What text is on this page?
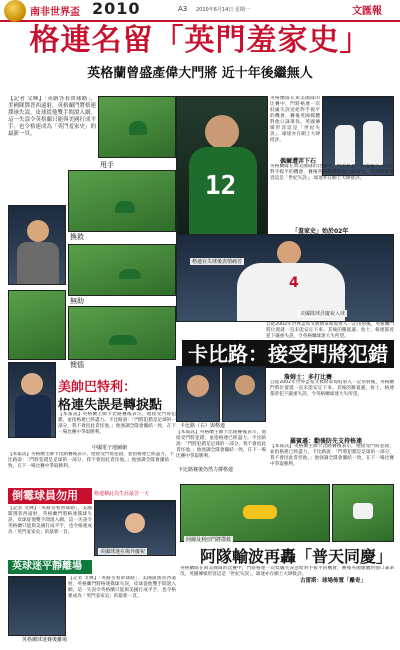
南非世界盃 2010	A3 2010年6月14日 星期一	文匯報
格連名留「英門羞家史」
英格蘭曾盛產偉大門將 近十年後繼無人
【記者 文輝】「英路答看帶球路」，美國隊鄧普西遠射，英格蘭門將格連撲球失誤，皮球從他雙手間滾入網。這一失誤令英格蘭只能與美國打成平手，也令格連成為「英門羞家史」的最新一頁。
甩手
換救
無助
懊惱
12
英格蘭隊在與美國隊的比賽中，門將格連一次低級失誤送給對手扳平的機會，賽後英國媒體對他口誅筆伐。英國傳媒形容這是「世紀失誤」，球迷亦在網上大肆批評。
偶爾遭弄下石
英格蘭隊在與美國隊的比賽中，門將格連一次低級失誤送給對手扳平的機會，賽後英國媒體對他口誅筆伐。英國傳媒形容這是「世紀失誤」，球迷亦在網上大肆批評。
4
美國隊球員慶祝入球
「羞家史」始於02年
格連在失球後表情痛苦
自從2002年世界盃希文被朗拿甸奴射入一記吊射後，英格蘭門將位置就一直未能安定下來。其後的羅賓遜、詹士、格連都曾犯下嚴重失誤，令英格蘭球迷大失所望。
卡比路：接受門將犯錯
美帥巴特利：
格連失誤是轉捩點
【本報訊】英格蘭主帥卡比路賽後表示，他接受門將犯錯，並指格連已經盡力。卡比路說：「門將犯錯是足球的一部分，我不會因此責怪他。」他強調全隊會團結一致，在下一場比賽中爭取勝利。
中國電子地圖網
卡比路（右）與格連
【本報訊】英格蘭主帥卡比路賽後表示，他接受門將犯錯，並指格連已經盡力。卡比路說：「門將犯錯是足球的一部分，我不會因此責怪他。」他強調全隊會團結一致，在下一場比賽中爭取勝利。
卡比路賽後仍然力撐格連
詹姆士：多打比賽
自從2002年世界盃希文被朗拿甸奴射入一記吊射後，英格蘭門將位置就一直未能安定下來。其後的羅賓遜、詹士、格連都曾犯下嚴重失誤，令英格蘭球迷大失所望。
羅賓遜：勸後防先支持格連
【本報訊】英格蘭主帥卡比路賽後表示，他接受門將犯錯，並指格連已經盡力。卡比路說：「門將犯錯是足球的一部分，我不會因此責怪他。」他強調全隊會團結一致，在下一場比賽中爭取勝利。
【本報訊】英格蘭主帥卡比路賽後表示，他接受門將犯錯，並指格連已經盡力。卡比路說：「門將犯錯是足球的一部分，我不會因此責怪他。」他強調全隊會團結一致，在下一場比賽中爭取勝利。
倒霉球員勿用	格連稱此為生涯最苦一天
【記者 文輝】「英路答看帶球路」，美國隊鄧普西遠射，英格蘭門將格連撲球失誤，皮球從他雙手間滾入網。這一失誤令英格蘭只能與美國打成平手，也令格連成為「英門羞家史」的最新一頁。
美國球迷在場外慶祝
英球迷平靜離場
英格蘭球迷賽後離場
【記者 文輝】「英路答看帶球路」，美國隊鄧普西遠射，英格蘭門將格連撲球失誤，皮球從他雙手間滾入網。這一失誤令英格蘭只能與美國打成平手，也令格連成為「英門羞家史」的最新一頁。
阿爾及利亞門將撲救
阿隊輸波再轟「普天同慶」
英格蘭隊在與美國隊的比賽中，門將格連一次低級失誤送給對手扳平的機會，賽後英國媒體對他口誅筆伐。英國傳媒形容這是「世紀失誤」，球迷亦在網上大肆批評。
古雷斯：球場佈置「離奇」
